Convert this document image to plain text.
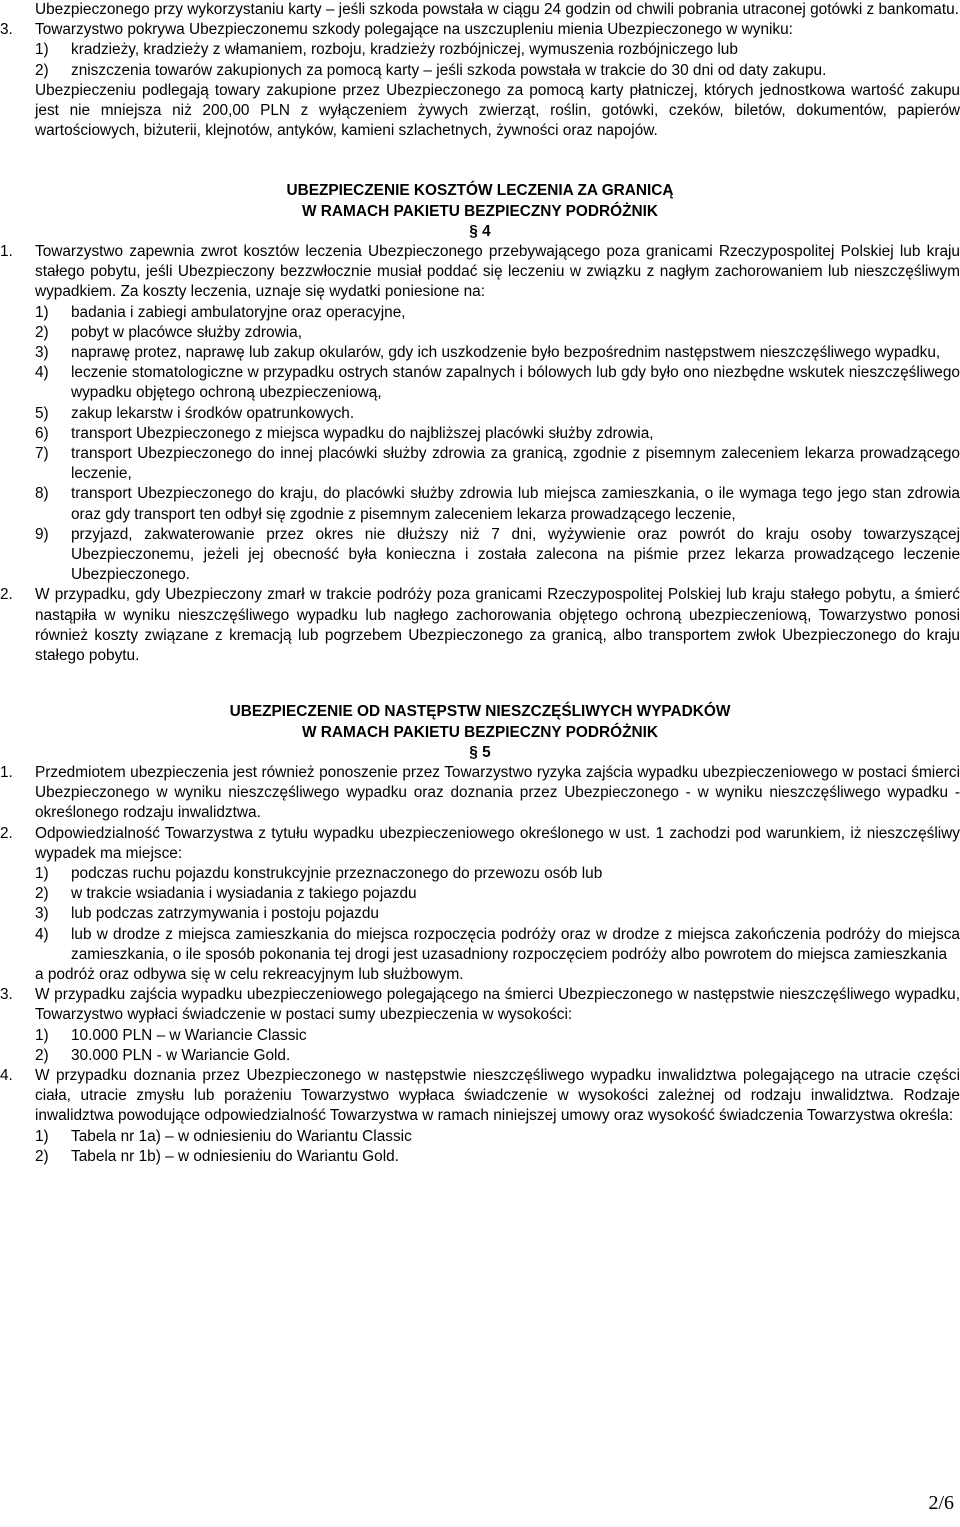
Ubezpieczonego przy wykorzystaniu karty – jeśli szkoda powstała w ciągu 24 godzin od chwili pobrania utraconej gotówki z bankomatu.
3.	Towarzystwo pokrywa Ubezpieczonemu szkody polegające na uszczupleniu mienia Ubezpieczonego w wyniku:
1)	kradzieży, kradzieży z włamaniem, rozboju, kradzieży rozbójniczej, wymuszenia rozbójniczego lub
2)	zniszczenia towarów zakupionych za pomocą karty – jeśli szkoda powstała w trakcie do 30 dni od daty zakupu.
Ubezpieczeniu podlegają towary zakupione przez Ubezpieczonego za pomocą karty płatniczej, których jednostkowa wartość zakupu jest nie mniejsza niż 200,00 PLN z wyłączeniem żywych zwierząt, roślin, gotówki, czeków, biletów, dokumentów, papierów wartościowych, biżuterii, klejnotów, antyków, kamieni szlachetnych, żywności oraz napojów.
UBEZPIECZENIE KOSZTÓW LECZENIA ZA GRANICĄ
W RAMACH PAKIETU BEZPIECZNY PODRÓŻNIK
§ 4
1.	Towarzystwo zapewnia zwrot kosztów leczenia Ubezpieczonego przebywającego poza granicami Rzeczypospolitej Polskiej lub kraju stałego pobytu, jeśli Ubezpieczony bezzwłocznie musiał poddać się leczeniu w związku z nagłym zachorowaniem lub nieszczęśliwym wypadkiem. Za koszty leczenia, uznaje się wydatki poniesione na:
1)	badania i zabiegi ambulatoryjne oraz operacyjne,
2)	pobyt w placówce służby zdrowia,
3)	naprawę protez, naprawę lub zakup okularów, gdy ich uszkodzenie było bezpośrednim następstwem nieszczęśliwego wypadku,
4)	leczenie stomatologiczne w przypadku ostrych stanów zapalnych i bólowych lub gdy było ono niezbędne wskutek nieszczęśliwego wypadku objętego ochroną ubezpieczeniową,
5)	zakup lekarstw i środków opatrunkowych.
6)	transport Ubezpieczonego z miejsca wypadku do najbliższej placówki służby zdrowia,
7)	transport Ubezpieczonego do innej placówki służby zdrowia za granicą, zgodnie z pisemnym zaleceniem lekarza prowadzącego leczenie,
8)	transport Ubezpieczonego do kraju, do placówki służby zdrowia lub miejsca zamieszkania, o ile wymaga tego jego stan zdrowia oraz gdy transport ten odbył się zgodnie z pisemnym zaleceniem lekarza prowadzącego leczenie,
9)	przyjazd, zakwaterowanie przez okres nie dłuższy niż 7 dni, wyżywienie oraz powrót do kraju osoby towarzyszącej Ubezpieczonemu, jeżeli jej obecność była konieczna i została zalecona na piśmie przez lekarza prowadzącego leczenie Ubezpieczonego.
2.	W przypadku, gdy Ubezpieczony zmarł w trakcie podróży poza granicami Rzeczypospolitej Polskiej lub kraju stałego pobytu, a śmierć nastąpiła w wyniku nieszczęśliwego wypadku lub nagłego zachorowania objętego ochroną ubezpieczeniową, Towarzystwo ponosi również koszty związane z kremacją lub pogrzebem Ubezpieczonego za granicą, albo transportem zwłok Ubezpieczonego do kraju stałego pobytu.
UBEZPIECZENIE OD NASTĘPSTW NIESZCZĘŚLIWYCH WYPADKÓW
W RAMACH PAKIETU BEZPIECZNY PODRÓŻNIK
§ 5
1.	Przedmiotem ubezpieczenia jest również ponoszenie przez Towarzystwo ryzyka zajścia wypadku ubezpieczeniowego w postaci śmierci Ubezpieczonego w wyniku nieszczęśliwego wypadku oraz doznania przez Ubezpieczonego - w wyniku nieszczęśliwego wypadku - określonego rodzaju inwalidztwa.
2.	Odpowiedzialność Towarzystwa z tytułu wypadku ubezpieczeniowego określonego w ust. 1 zachodzi pod warunkiem, iż nieszczęśliwy wypadek ma miejsce:
1)	podczas ruchu pojazdu konstrukcyjnie przeznaczonego do przewozu osób lub
2)	w trakcie wsiadania i wysiadania z takiego pojazdu
3)	lub podczas zatrzymywania i postoju pojazdu
4)	lub w drodze z miejsca zamieszkania do miejsca rozpoczęcia podróży oraz w drodze z miejsca zakończenia podróży do miejsca zamieszkania, o ile sposób pokonania tej drogi jest uzasadniony rozpoczęciem podróży albo powrotem do miejsca zamieszkania
a podróż oraz odbywa się w celu rekreacyjnym lub służbowym.
3.	W przypadku zajścia wypadku ubezpieczeniowego polegającego na śmierci Ubezpieczonego w następstwie nieszczęśliwego wypadku, Towarzystwo wypłaci świadczenie w postaci sumy ubezpieczenia w wysokości:
1)	10.000 PLN – w Wariancie Classic
2)	30.000 PLN - w Wariancie Gold.
4.	W przypadku doznania przez Ubezpieczonego w następstwie nieszczęśliwego wypadku inwalidztwa polegającego na utracie części ciała, utracie zmysłu lub porażeniu Towarzystwo wypłaca świadczenie w wysokości zależnej od rodzaju inwalidztwa. Rodzaje inwalidztwa powodujące odpowiedzialność Towarzystwa w ramach niniejszej umowy oraz wysokość świadczenia Towarzystwa określa:
1)	Tabela nr 1a) – w odniesieniu do Wariantu Classic
2)	Tabela nr 1b) – w odniesieniu do Wariantu Gold.
2/6
